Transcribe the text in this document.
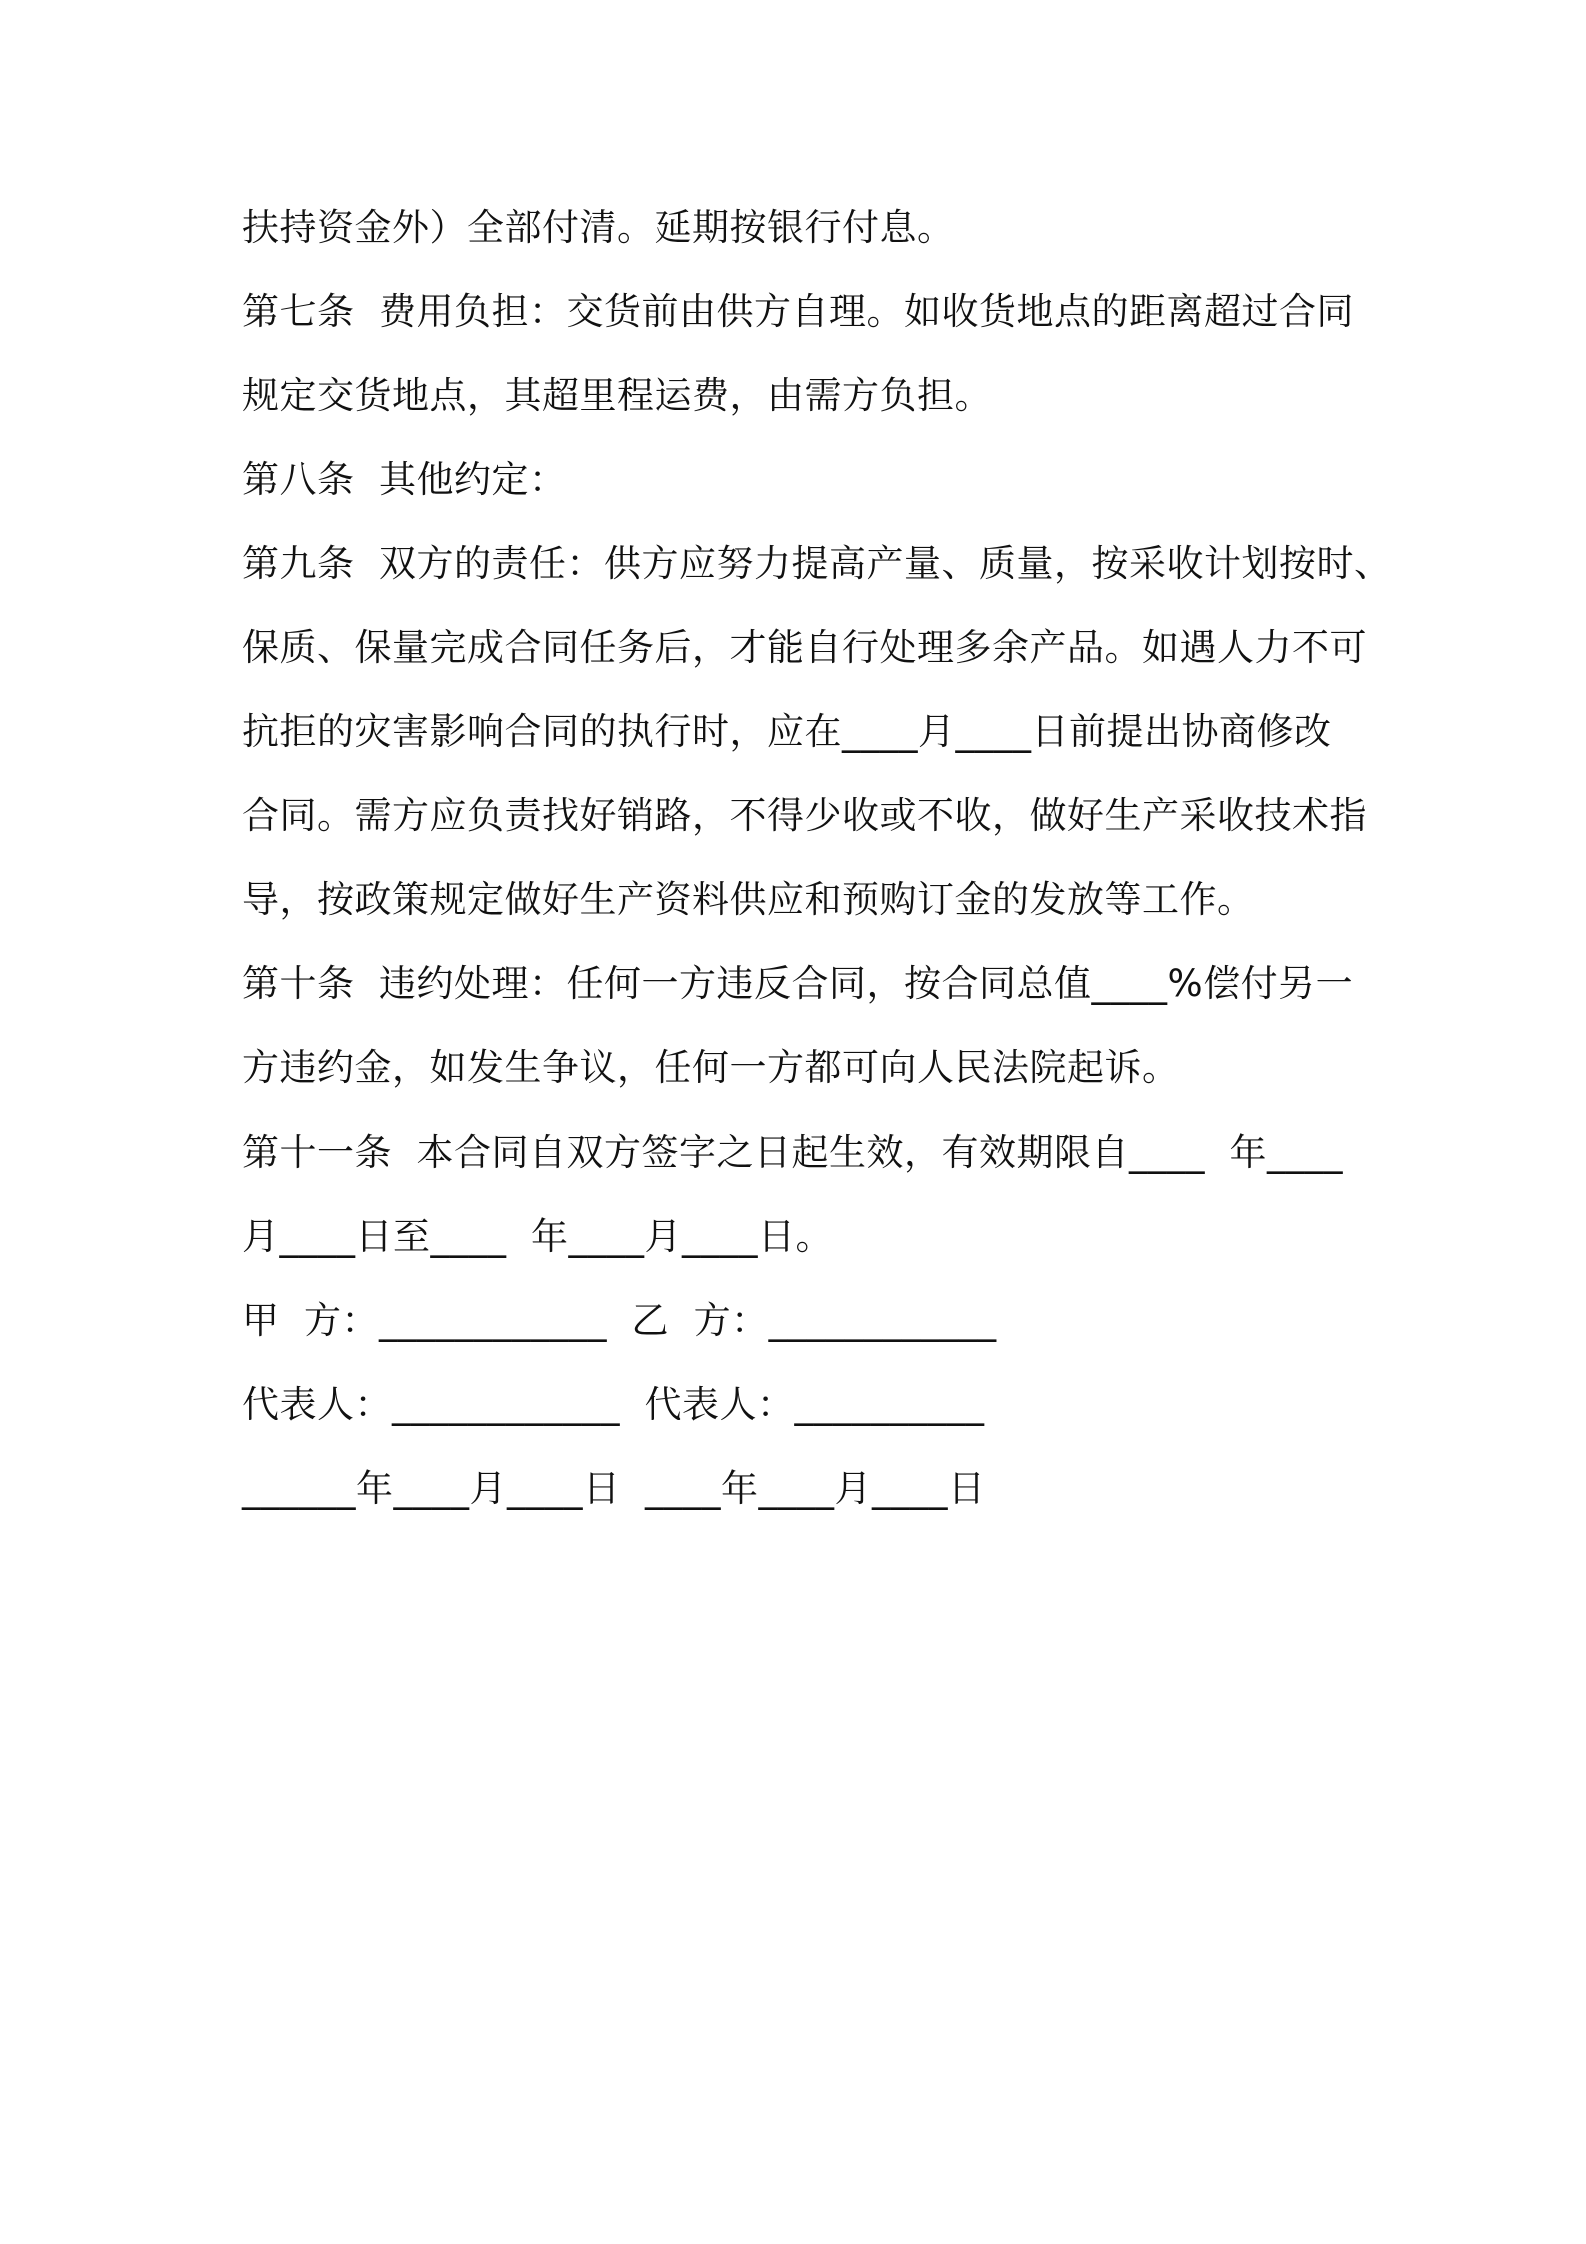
扶持资金外）全部付清。延期按银行付息。
第七条  费用负担：交货前由供方自理。如收货地点的距离超过合同
规定交货地点，其超里程运费，由需方负担。
第八条  其他约定：
第九条  双方的责任：供方应努力提高产量、质量，按采收计划按时、
保质、保量完成合同任务后，才能自行处理多余产品。如遇人力不可
抗拒的灾害影响合同的执行时，应在____月____日前提出协商修改
合同。需方应负责找好销路，不得少收或不收，做好生产采收技术指
导，按政策规定做好生产资料供应和预购订金的发放等工作。
第十条  违约处理：任何一方违反合同，按合同总值____%偿付另一
方违约金，如发生争议，任何一方都可向人民法院起诉。
第十一条  本合同自双方签字之日起生效，有效期限自____  年____
月____日至____  年____月____日。
甲  方：____________  乙  方：____________
代表人：____________  代表人：__________
______年____月____日  ____年____月____日
